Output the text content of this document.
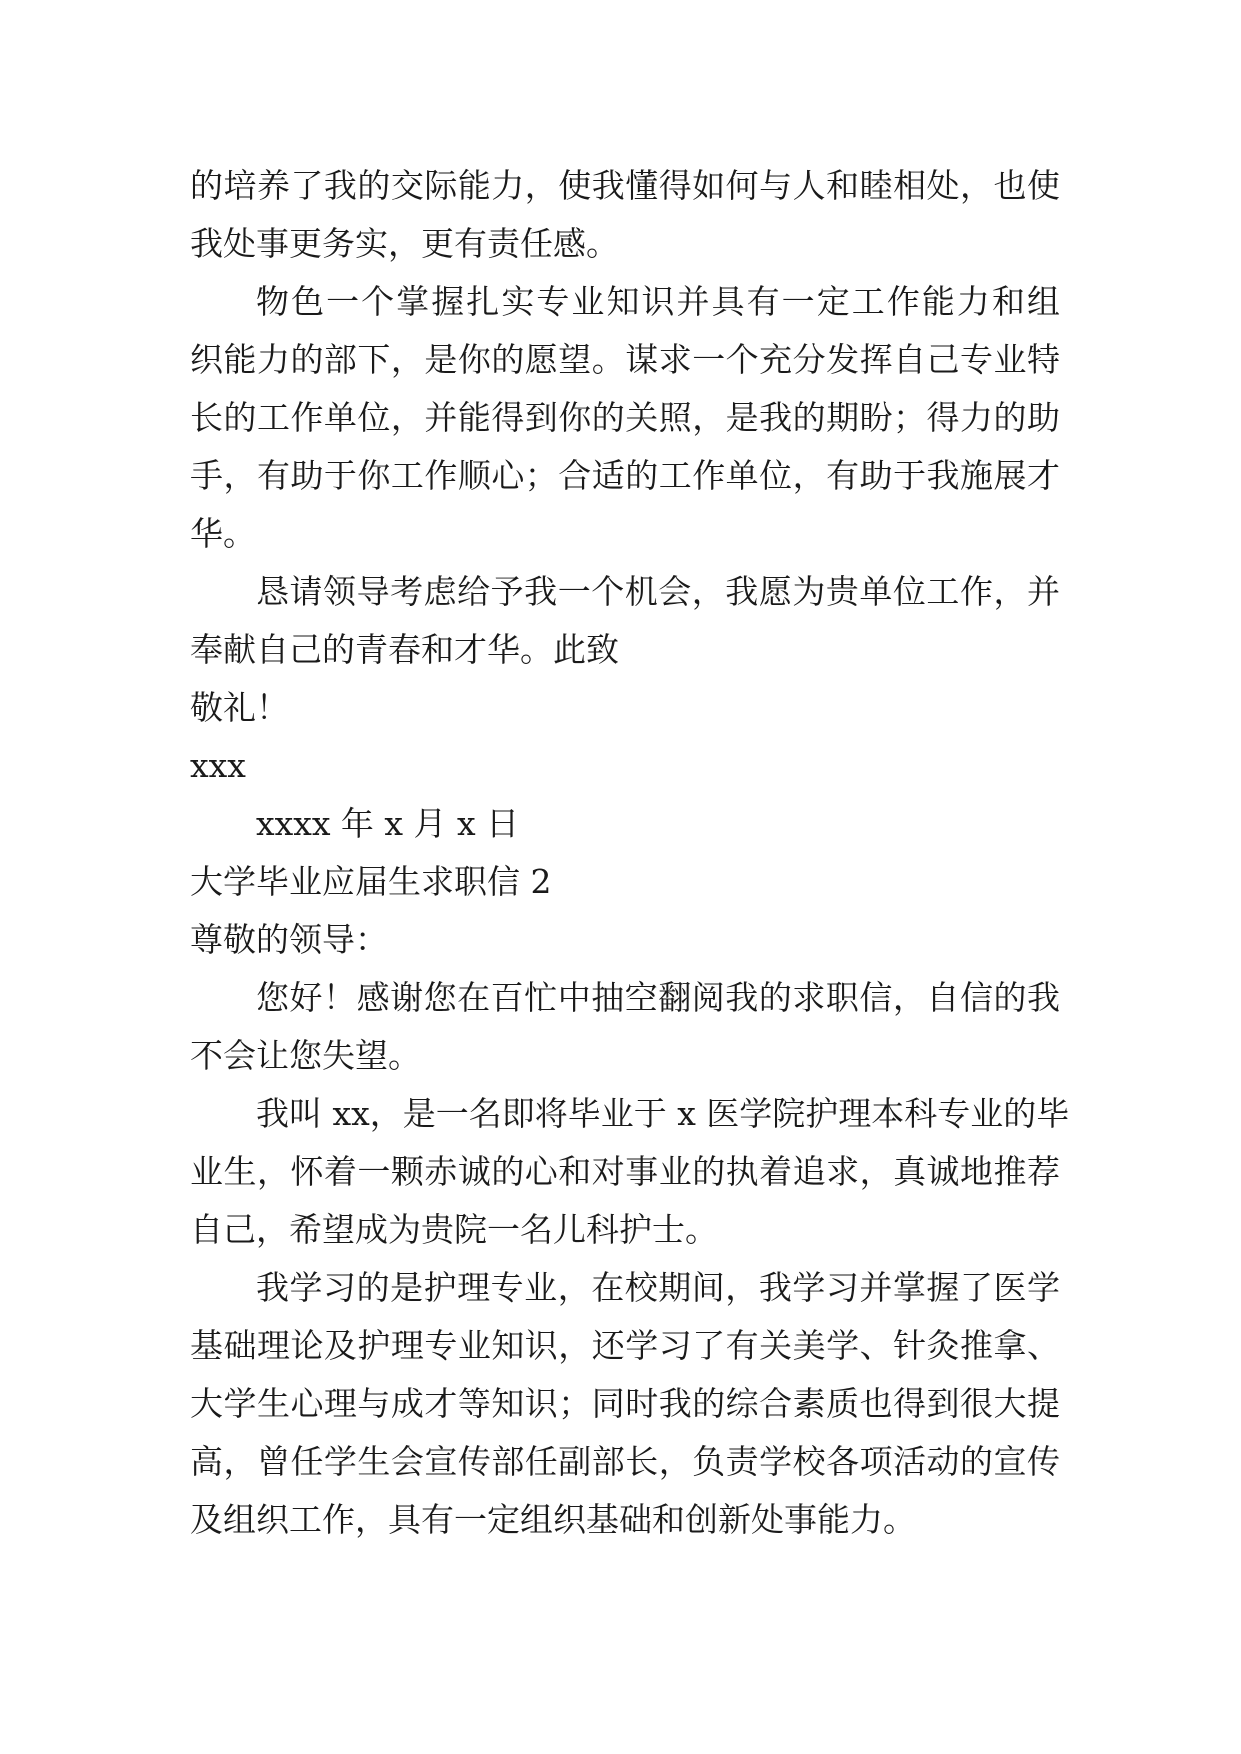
的培养了我的交际能力，使我懂得如何与人和睦相处，也使
我处事更务实，更有责任感。
物色一个掌握扎实专业知识并具有一定工作能力和组
织能力的部下，是你的愿望。谋求一个充分发挥自己专业特
长的工作单位，并能得到你的关照，是我的期盼；得力的助
手，有助于你工作顺心；合适的工作单位，有助于我施展才
华。
恳请领导考虑给予我一个机会，我愿为贵单位工作，并
奉献自己的青春和才华。此致
敬礼！
xxx
xxxx 年 x 月 x 日
大学毕业应届生求职信 2
尊敬的领导：
您好！感谢您在百忙中抽空翻阅我的求职信，自信的我
不会让您失望。
我叫 xx，是一名即将毕业于 x 医学院护理本科专业的毕
业生，怀着一颗赤诚的心和对事业的执着追求，真诚地推荐
自己，希望成为贵院一名儿科护士。
我学习的是护理专业，在校期间，我学习并掌握了医学
基础理论及护理专业知识，还学习了有关美学、针灸推拿、
大学生心理与成才等知识；同时我的综合素质也得到很大提
高，曾任学生会宣传部任副部长，负责学校各项活动的宣传
及组织工作，具有一定组织基础和创新处事能力。
